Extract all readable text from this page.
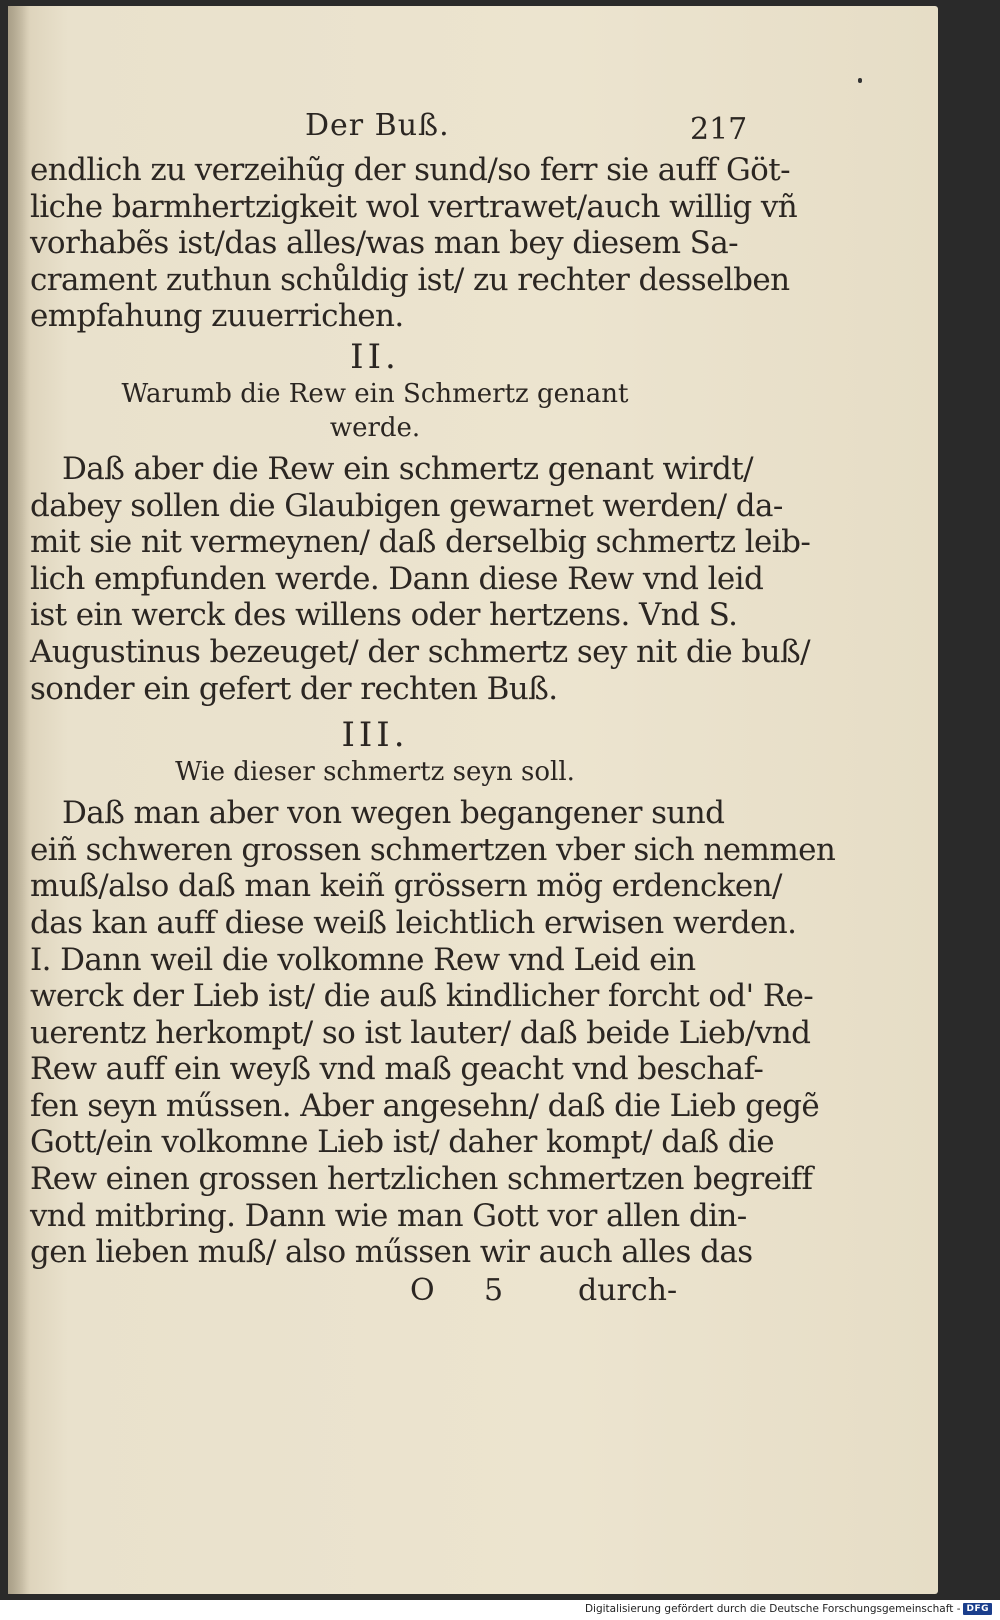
Der Buß.	217
endlich zu verzeihũg der sund/so ferr sie auff Göt-
liche barmhertzigkeit wol vertrawet/auch willig vñ
vorhabẽs ist/das alles/was man bey diesem Sa-
crament zuthun schůldig ist/ zu rechter desselben
empfahung zuuerrichen.
II.
Warumb die Rew ein Schmertz genant
werde.
Daß aber die Rew ein schmertz genant wirdt/
dabey sollen die Glaubigen gewarnet werden/ da-
mit sie nit vermeynen/ daß derselbig schmertz leib-
lich empfunden werde. Dann diese Rew vnd leid
ist ein werck des willens oder hertzens. Vnd S.
Augustinus bezeuget/ der schmertz sey nit die buß/
sonder ein gefert der rechten Buß.
III.
Wie dieser schmertz seyn soll.
Daß man aber von wegen begangener sund
eiñ schweren grossen schmertzen vber sich nemmen
muß/also daß man keiñ grössern mög erdencken/
das kan auff diese weiß leichtlich erwisen werden.
I. Dann weil die volkomne Rew vnd Leid ein
werck der Lieb ist/ die auß kindlicher forcht od' Re-
uerentz herkompt/ so ist lauter/ daß beide Lieb/vnd
Rew auff ein weyß vnd maß geacht vnd beschaf-
fen seyn műssen. Aber angesehn/ daß die Lieb gegẽ
Gott/ein volkomne Lieb ist/ daher kompt/ daß die
Rew einen grossen hertzlichen schmertzen begreiff
vnd mitbring. Dann wie man Gott vor allen din-
gen lieben muß/ also műssen wir auch alles das
O 5 durch-
Digitalisierung gefördert durch die Deutsche Forschungsgemeinschaft - DFG
